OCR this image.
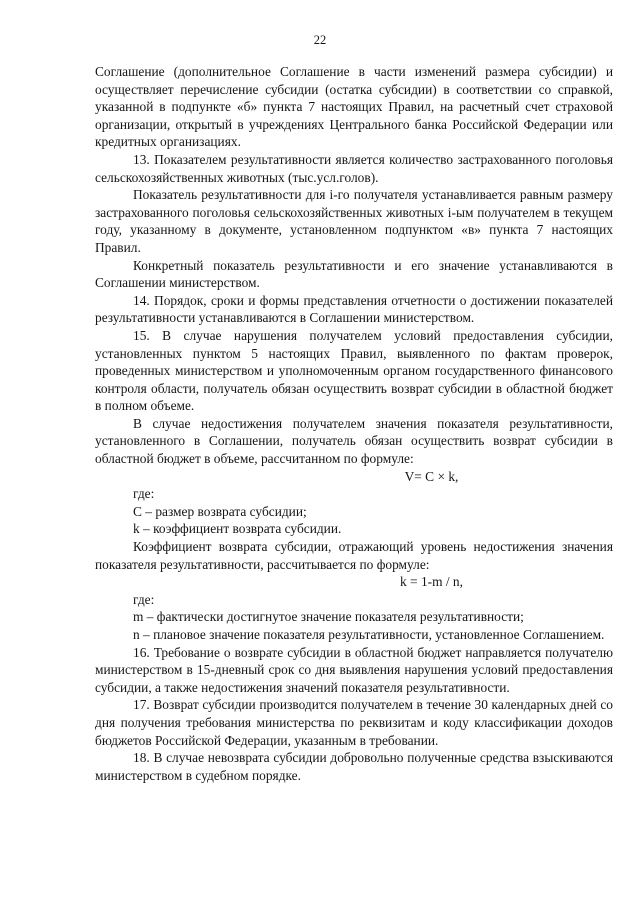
22

Соглашение (дополнительное Соглашение в части изменений размера субсидии) и осуществляет перечисление субсидии (остатка субсидии) в соответствии со справкой, указанной в подпункте «б» пункта 7 настоящих Правил, на расчетный счет страховой организации, открытый в учреждениях Центрального банка Российской Федерации или кредитных организациях.

13. Показателем результативности является количество застрахованного поголовья сельскохозяйственных животных (тыс.усл.голов).

Показатель результативности для i-го получателя устанавливается равным размеру застрахованного поголовья сельскохозяйственных животных i-ым получателем в текущем году, указанному в документе, установленном подпунктом «в» пункта 7 настоящих Правил.

Конкретный показатель результативности и его значение устанавливаются в Соглашении министерством.

14. Порядок, сроки и формы представления отчетности о достижении показателей результативности устанавливаются в Соглашении министерством.

15. В случае нарушения получателем условий предоставления субсидии, установленных пунктом 5 настоящих Правил, выявленного по фактам проверок, проведенных министерством и уполномоченным органом государственного финансового контроля области, получатель обязан осуществить возврат субсидии в областной бюджет в полном объеме.

В случае недостижения получателем значения показателя результативности, установленного в Соглашении, получатель обязан осуществить возврат субсидии в областной бюджет в объеме, рассчитанном по формуле:

V= C × k,

где:

C – размер возврата субсидии;

k – коэффициент возврата субсидии.

Коэффициент возврата субсидии, отражающий уровень недостижения значения показателя результативности, рассчитывается по формуле:

k = 1-m / n,

где:

m – фактически достигнутое значение показателя результативности;

n – плановое значение показателя результативности, установленное Соглашением.

16. Требование о возврате субсидии в областной бюджет направляется получателю министерством в 15-дневный срок со дня выявления нарушения условий предоставления субсидии, а также недостижения значений показателя результативности.

17. Возврат субсидии производится получателем в течение 30 календарных дней со дня получения требования министерства по реквизитам и коду классификации доходов бюджетов Российской Федерации, указанным в требовании.

18. В случае невозврата субсидии добровольно полученные средства взыскиваются министерством в судебном порядке.
